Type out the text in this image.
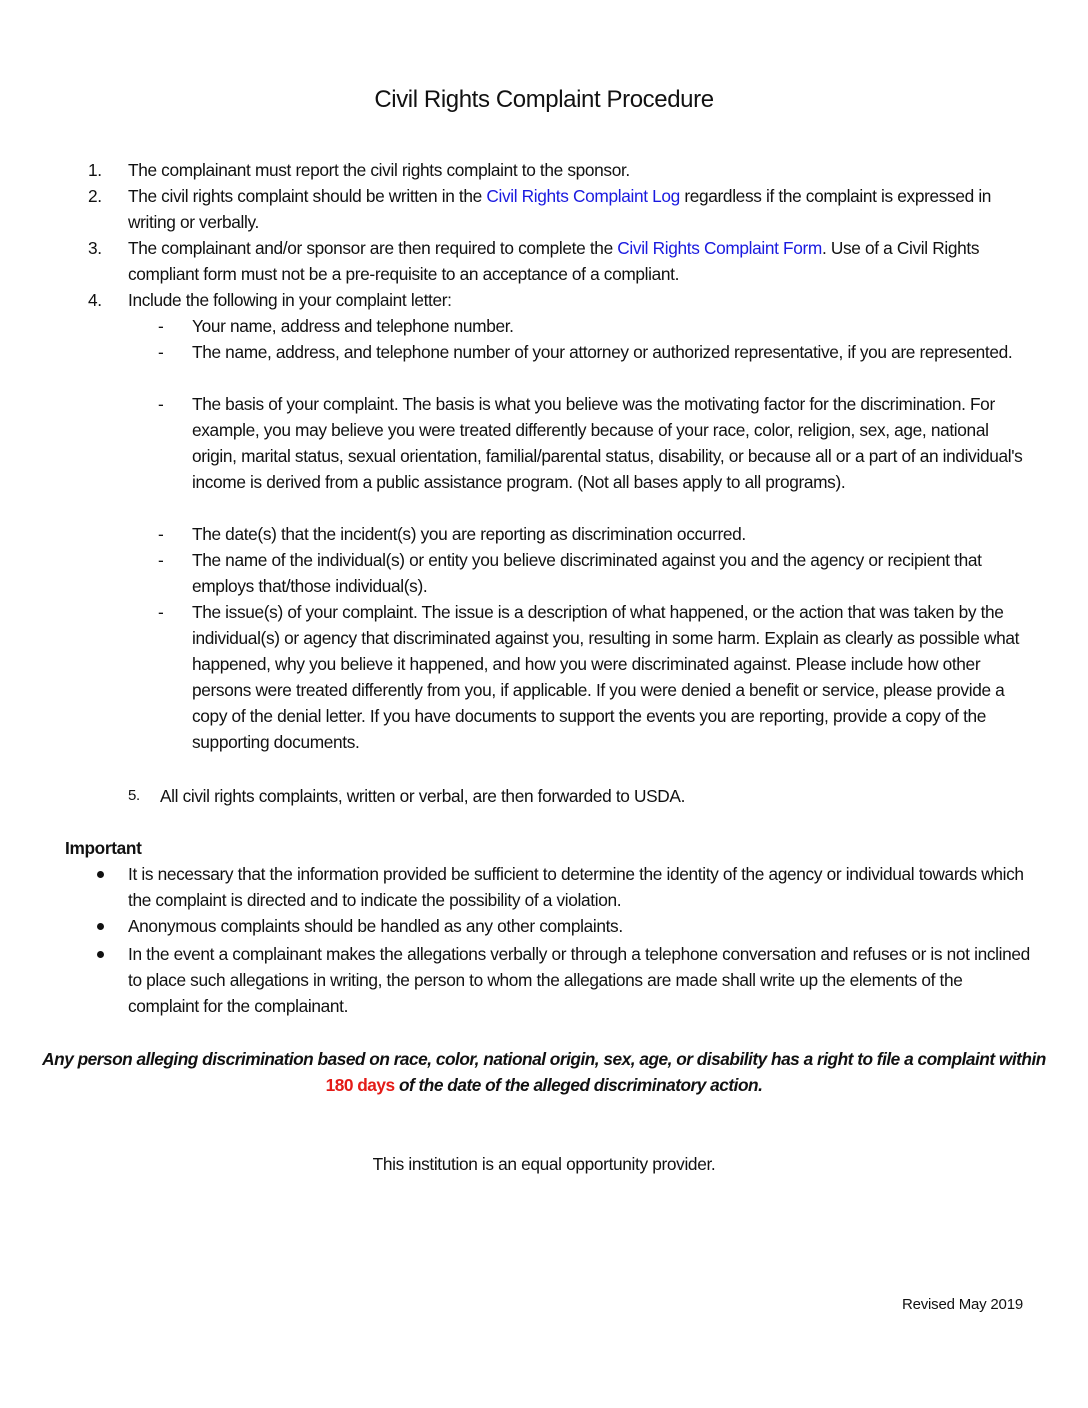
Civil Rights Complaint Procedure
1.	The complainant must report the civil rights complaint to the sponsor.
2.	The civil rights complaint should be written in the Civil Rights Complaint Log regardless if the complaint is expressed in writing or verbally.
3.	The complainant and/or sponsor are then required to complete the Civil Rights Complaint Form. Use of a Civil Rights compliant form must not be a pre-requisite to an acceptance of a compliant.
4.	Include the following in your complaint letter:
- Your name, address and telephone number.
- The name, address, and telephone number of your attorney or authorized representative, if you are represented.
- The basis of your complaint. The basis is what you believe was the motivating factor for the discrimination. For example, you may believe you were treated differently because of your race, color, religion, sex, age, national origin, marital status, sexual orientation, familial/parental status, disability, or because all or a part of an individual's income is derived from a public assistance program. (Not all bases apply to all programs).
- The date(s) that the incident(s) you are reporting as discrimination occurred.
- The name of the individual(s) or entity you believe discriminated against you and the agency or recipient that employs that/those individual(s).
- The issue(s) of your complaint. The issue is a description of what happened, or the action that was taken by the individual(s) or agency that discriminated against you, resulting in some harm. Explain as clearly as possible what happened, why you believe it happened, and how you were discriminated against. Please include how other persons were treated differently from you, if applicable. If you were denied a benefit or service, please provide a copy of the denial letter. If you have documents to support the events you are reporting, provide a copy of the supporting documents.
5.	All civil rights complaints, written or verbal, are then forwarded to USDA.
Important
It is necessary that the information provided be sufficient to determine the identity of the agency or individual towards which the complaint is directed and to indicate the possibility of a violation.
Anonymous complaints should be handled as any other complaints.
In the event a complainant makes the allegations verbally or through a telephone conversation and refuses or is not inclined to place such allegations in writing, the person to whom the allegations are made shall write up the elements of the complaint for the complainant.
Any person alleging discrimination based on race, color, national origin, sex, age, or disability has a right to file a complaint within 180 days of the date of the alleged discriminatory action.
This institution is an equal opportunity provider.
Revised May 2019
